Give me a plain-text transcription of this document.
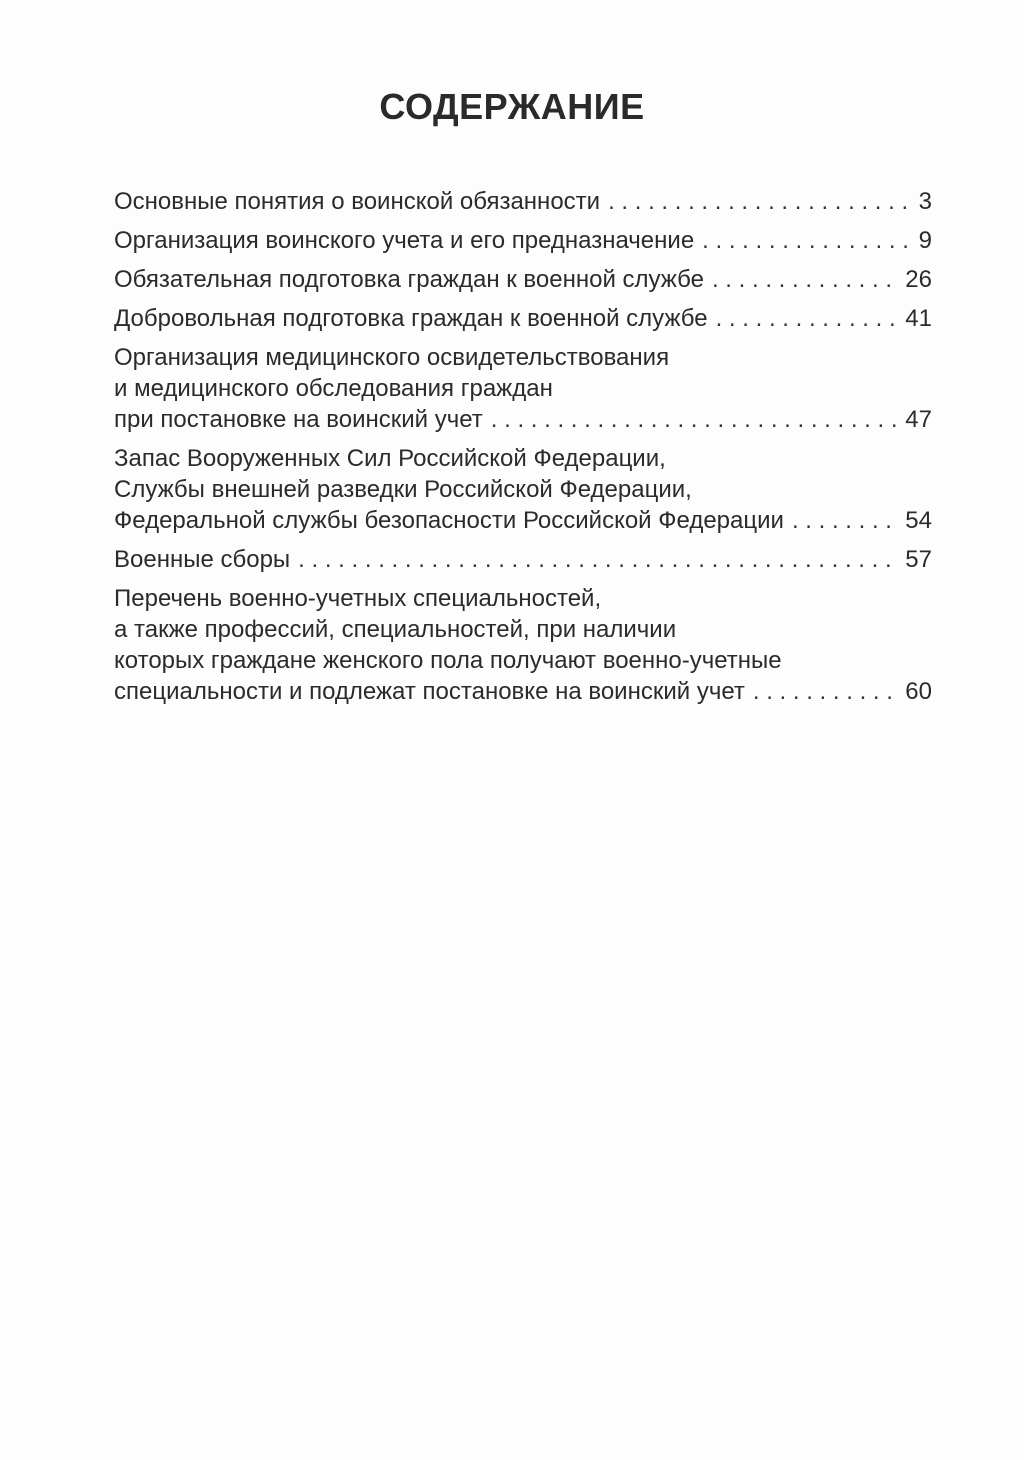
СОДЕРЖАНИЕ
Основные понятия о воинской обязанности . . .	3
Организация воинского учета и его предназначение . . .	9
Обязательная подготовка граждан к военной службе . . .	26
Добровольная подготовка граждан к военной службе . . .	41
Организация медицинского освидетельствования
и медицинского обследования граждан
при постановке на воинский учет . . .	47
Запас Вооруженных Сил Российской Федерации,
Службы внешней разведки Российской Федерации,
Федеральной службы безопасности Российской Федерации . . .	54
Военные сборы . . .	57
Перечень военно-учетных специальностей,
а также профессий, специальностей, при наличии
которых граждане женского пола получают военно-учетные
специальности и подлежат постановке на воинский учет . . .	60
